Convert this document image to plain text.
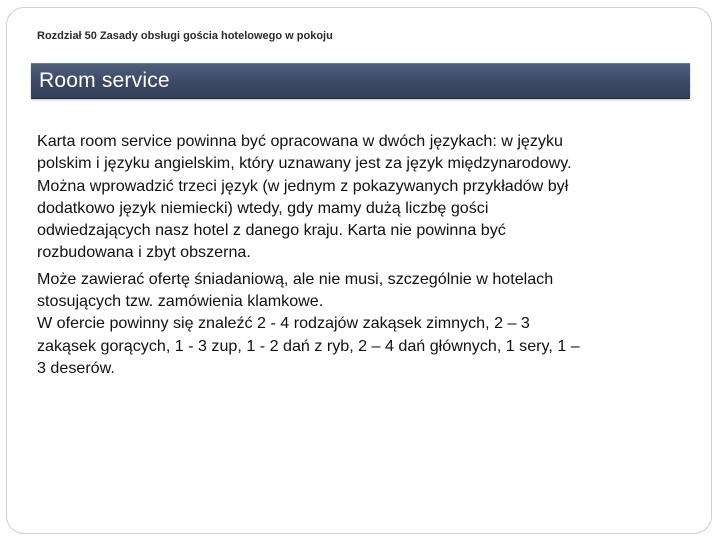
Rozdział 50 Zasady obsługi gościa hotelowego w pokoju
Room service

Karta room service powinna być opracowana w dwóch językach: w języku
polskim i języku angielskim, który uznawany jest za język międzynarodowy.
Można wprowadzić trzeci język (w jednym z pokazywanych przykładów był
dodatkowo język niemiecki) wtedy, gdy mamy dużą liczbę gości
odwiedzających nasz hotel z danego kraju. Karta nie powinna być
rozbudowana i zbyt obszerna.

Może zawierać ofertę śniadaniową, ale nie musi, szczególnie w hotelach
stosujących tzw. zamówienia klamkowe.
W ofercie powinny się znaleźć 2 - 4 rodzajów zakąsek zimnych, 2 – 3
zakąsek gorących, 1 - 3 zup, 1 - 2 dań z ryb, 2 – 4 dań głównych, 1 sery, 1 –
3 deserów.
